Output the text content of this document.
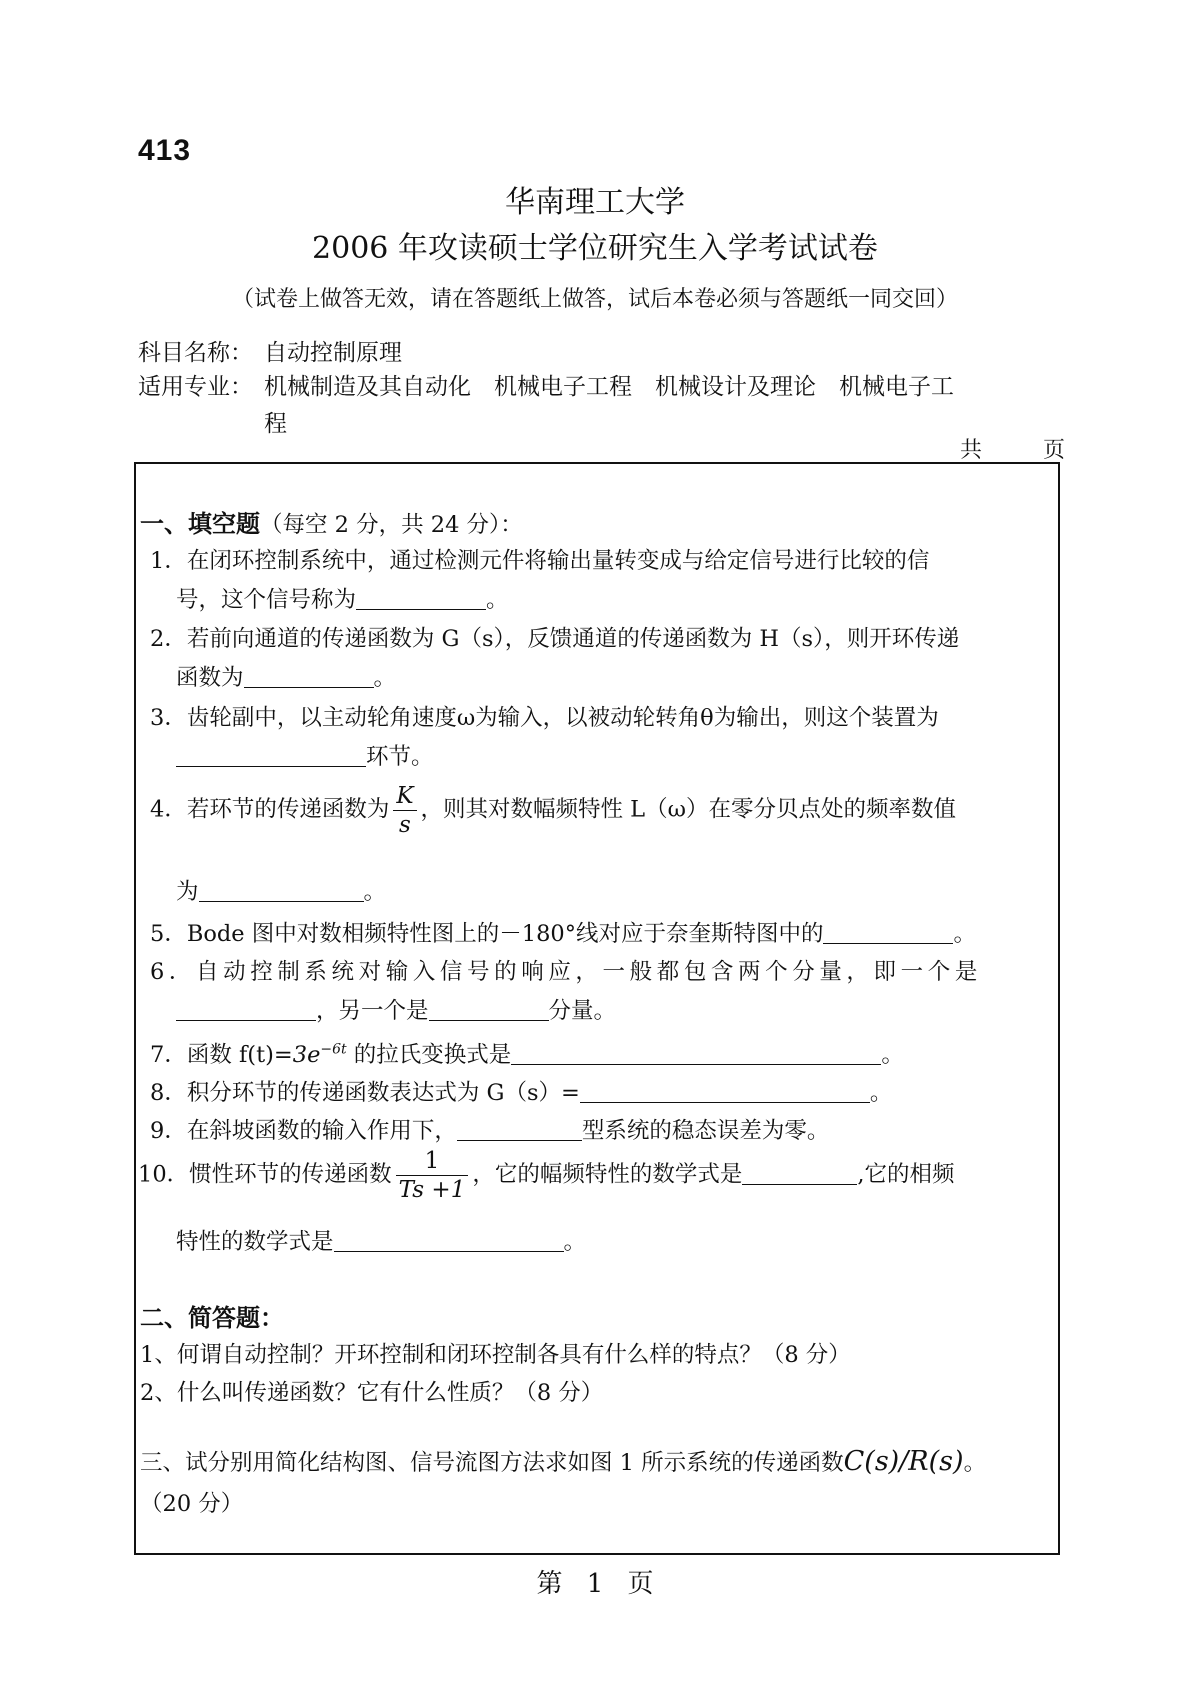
413
华南理工大学
2006 年攻读硕士学位研究生入学考试试卷
（试卷上做答无效，请在答题纸上做答，试后本卷必须与答题纸一同交回）
科目名称： 自动控制原理
适用专业： 机械制造及其自动化　机械电子工程　机械设计及理论　机械电子工
程
共	页
一、填空题（每空 2 分，共 24 分）：
1．在闭环控制系统中，通过检测元件将输出量转变成与给定信号进行比较的信
号，这个信号称为	。
2．若前向通道的传递函数为 G（s），反馈通道的传递函数为 H（s），则开环传递
函数为	。
3．齿轮副中，以主动轮角速度ω为输入，以被动轮转角θ为输出，则这个装置为
环节。
4．若环节的传递函数为 $\frac{K}{s}$ ，则其对数幅频特性 L（ω）在零分贝点处的频率数值
为	。
5．Bode 图中对数相频特性图上的－180°线对应于奈奎斯特图中的	。
6．自动控制系统对输入信号的响应，一般都包含两个分量，即一个是
，另一个是	分量。
7．函数 $f(t)=3e^{-6t}$ 的拉氏变换式是	。
8．积分环节的传递函数表达式为 G（s）=	。
9．在斜坡函数的输入作用下，	型系统的稳态误差为零。
10．惯性环节的传递函数 $\frac{1}{Ts +1}$ ，它的幅频特性的数学式是	,它的相频
特性的数学式是	。
二、简答题：
1、何谓自动控制？开环控制和闭环控制各具有什么样的特点？（8 分）
2、什么叫传递函数？它有什么性质？（8 分）
三、试分别用简化结构图、信号流图方法求如图 1 所示系统的传递函数C(s)/R(s)。
（20 分）
第 1 页
